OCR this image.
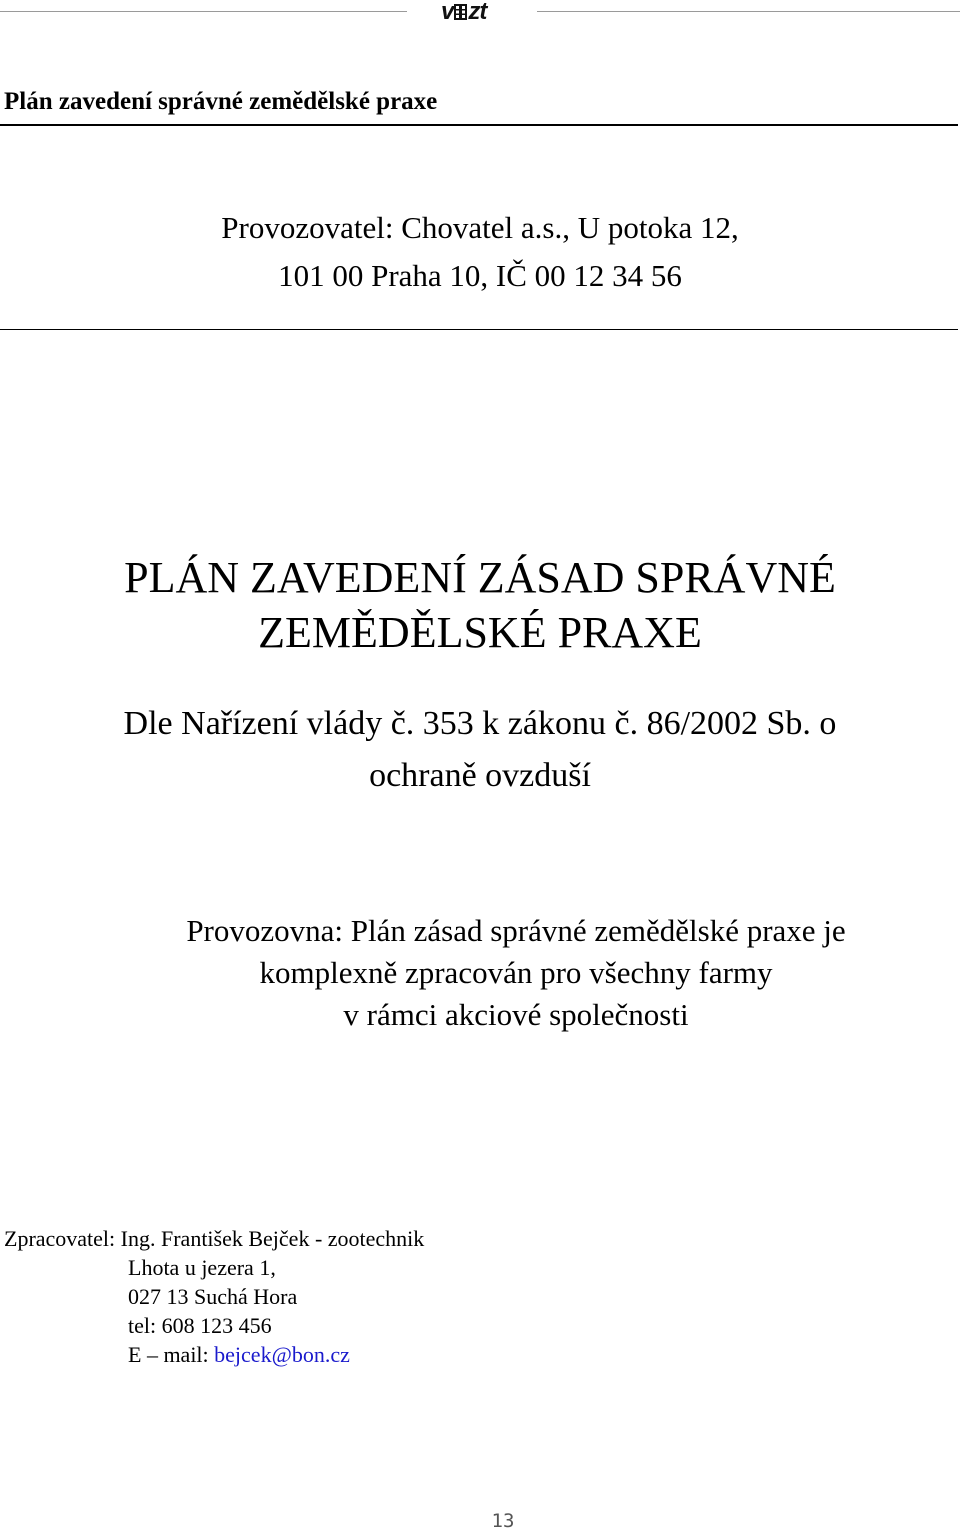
v zt
Plán zavedení správné zemědělské praxe
Provozovatel: Chovatel a.s., U potoka 12,
101 00 Praha 10, IČ 00 12 34 56
PLÁN ZAVEDENÍ ZÁSAD SPRÁVNÉ
ZEMĚDĚLSKÉ PRAXE
Dle Nařízení vlády č. 353 k zákonu č. 86/2002 Sb. o
ochraně ovzduší
Provozovna: Plán zásad správné zemědělské praxe je
komplexně zpracován pro všechny farmy
v rámci akciové společnosti
Zpracovatel: Ing. František Bejček - zootechnik
Lhota u jezera 1,
027 13 Suchá Hora
tel: 608 123 456
E – mail: bejcek@bon.cz
13
